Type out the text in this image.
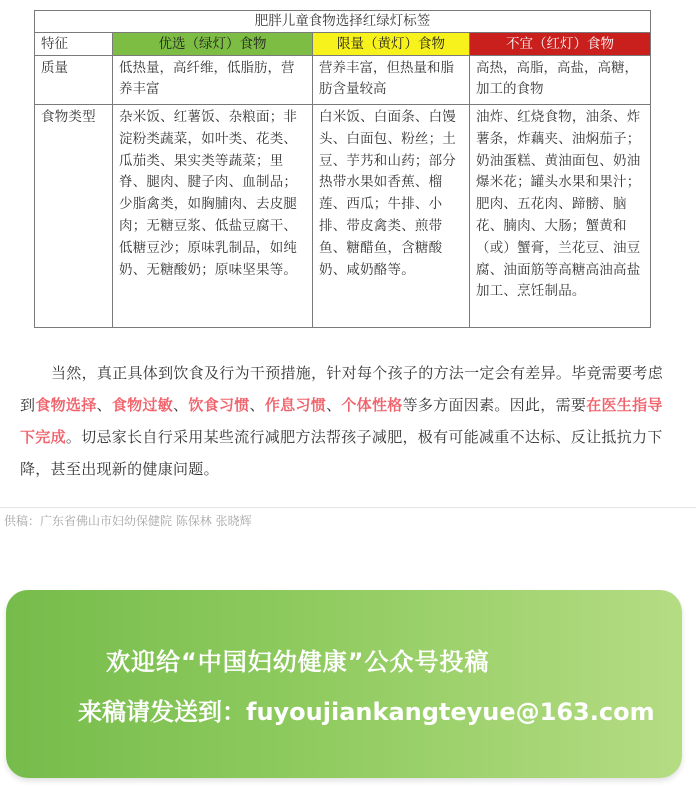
肥胖儿童食物选择红绿灯标签			
特征	优选（绿灯）食物	限量（黄灯）食物	不宜（红灯）食物
质量	低热量，高纤维，低脂肪，营养丰富	营养丰富，但热量和脂肪含量较高	高热，高脂，高盐，高糖，加工的食物
食物类型	杂米饭、红薯饭、杂粮面；非淀粉类蔬菜，如叶类、花类、瓜茄类、果实类等蔬菜；里脊、腿肉、腱子肉、血制品；少脂禽类，如胸脯肉、去皮腿肉；无糖豆浆、低盐豆腐干、低糖豆沙；原味乳制品，如纯奶、无糖酸奶；原味坚果等。	白米饭、白面条、白馒头、白面包、粉丝；土豆、芋艿和山药；部分热带水果如香蕉、榴莲、西瓜；牛排、小排、带皮禽类、煎带鱼、糖醋鱼，含糖酸奶、咸奶酪等。	油炸、红烧食物，油条、炸薯条，炸藕夹、油焖茄子；奶油蛋糕、黄油面包、奶油爆米花；罐头水果和果汁；肥肉、五花肉、蹄髈、脑花、腩肉、大肠；蟹黄和（或）蟹膏，兰花豆、油豆腐、油面筋等高糖高油高盐加工、烹饪制品。

当然，真正具体到饮食及行为干预措施，针对每个孩子的方法一定会有差异。毕竟需要考虑到食物选择、食物过敏、饮食习惯、作息习惯、个体性格等多方面因素。因此，需要在医生指导下完成。切忌家长自行采用某些流行减肥方法帮孩子减肥，极有可能减重不达标、反让抵抗力下降，甚至出现新的健康问题。

供稿：广东省佛山市妇幼保健院 陈保林 张晓辉

欢迎给“中国妇幼健康”公众号投稿
来稿请发送到：fuyoujiankangteyue@163.com
